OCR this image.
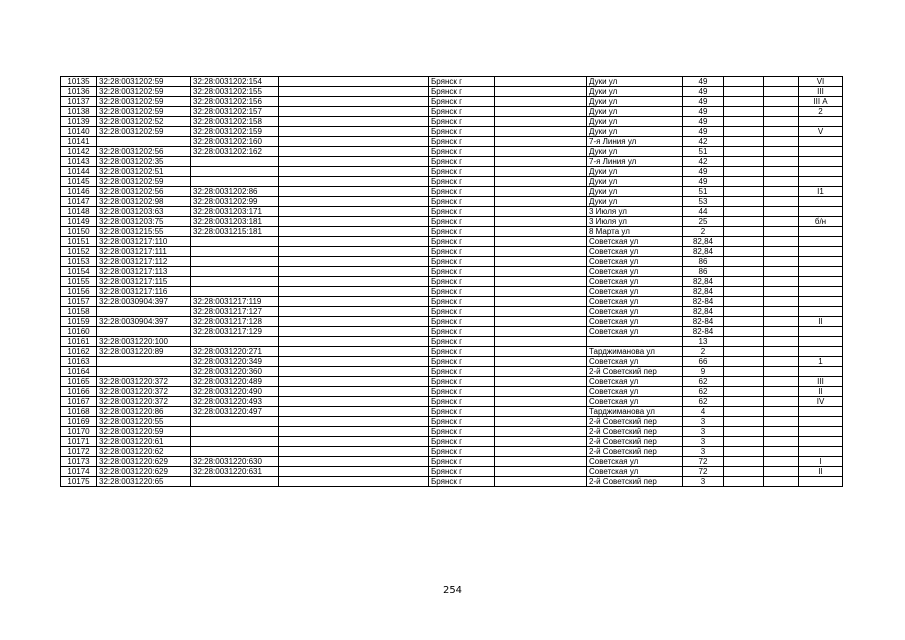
10135	32:28:0031202:59	32:28:0031202:154		Брянск г		Дуки ул	49			VI
10136	32:28:0031202:59	32:28:0031202:155		Брянск г		Дуки ул	49			III
10137	32:28:0031202:59	32:28:0031202:156		Брянск г		Дуки ул	49			III А
10138	32:28:0031202:59	32:28:0031202:157		Брянск г		Дуки ул	49			2
10139	32:28:0031202:52	32:28:0031202:158		Брянск г		Дуки ул	49			
10140	32:28:0031202:59	32:28:0031202:159		Брянск г		Дуки ул	49			V
10141		32:28:0031202:160		Брянск г		7-я Линия ул	42			
10142	32:28:0031202:56	32:28:0031202:162		Брянск г		Дуки ул	51			
10143	32:28:0031202:35			Брянск г		7-я Линия ул	42			
10144	32:28:0031202:51			Брянск г		Дуки ул	49			
10145	32:28:0031202:59			Брянск г		Дуки ул	49			
10146	32:28:0031202:56	32:28:0031202:86		Брянск г		Дуки ул	51			I1
10147	32:28:0031202:98	32:28:0031202:99		Брянск г		Дуки ул	53			
10148	32:28:0031203:63	32:28:0031203:171		Брянск г		3 Июля ул	44			
10149	32:28:0031203:75	32:28:0031203:181		Брянск г		3 Июля ул	25			б/н
10150	32:28:0031215:55	32:28:0031215:181		Брянск г		8 Марта ул	2			
10151	32:28:0031217:110			Брянск г		Советская ул	82,84			
10152	32:28:0031217:111			Брянск г		Советская ул	82,84			
10153	32:28:0031217:112			Брянск г		Советская ул	86			
10154	32:28:0031217:113			Брянск г		Советская ул	86			
10155	32:28:0031217:115			Брянск г		Советская ул	82,84			
10156	32:28:0031217:116			Брянск г		Советская ул	82,84			
10157	32:28:0030904:397	32:28:0031217:119		Брянск г		Советская ул	82-84			
10158		32:28:0031217:127		Брянск г		Советская ул	82,84			
10159	32:28:0030904:397	32:28:0031217:128		Брянск г		Советская ул	82-84			II
10160		32:28:0031217:129		Брянск г		Советская ул	82-84			
10161	32:28:0031220:100			Брянск г			13			
10162	32:28:0031220:89	32:28:0031220:271		Брянск г		Тарджиманова ул	2			
10163		32:28:0031220:349		Брянск г		Советская ул	66			1
10164		32:28:0031220:360		Брянск г		2-й Советский пер	9			
10165	32:28:0031220:372	32:28:0031220:489		Брянск г		Советская ул	62			III
10166	32:28:0031220:372	32:28:0031220:490		Брянск г		Советская ул	62			II
10167	32:28:0031220:372	32:28:0031220:493		Брянск г		Советская ул	62			IV
10168	32:28:0031220:86	32:28:0031220:497		Брянск г		Тарджиманова ул	4			
10169	32:28:0031220:55			Брянск г		2-й Советский пер	3			
10170	32:28:0031220:59			Брянск г		2-й Советский пер	3			
10171	32:28:0031220:61			Брянск г		2-й Советский пер	3			
10172	32:28:0031220:62			Брянск г		2-й Советский пер	3			
10173	32:28:0031220:629	32:28:0031220:630		Брянск г		Советская ул	72			I
10174	32:28:0031220:629	32:28:0031220:631		Брянск г		Советская ул	72			II
10175	32:28:0031220:65			Брянск г		2-й Советский пер	3			
254
